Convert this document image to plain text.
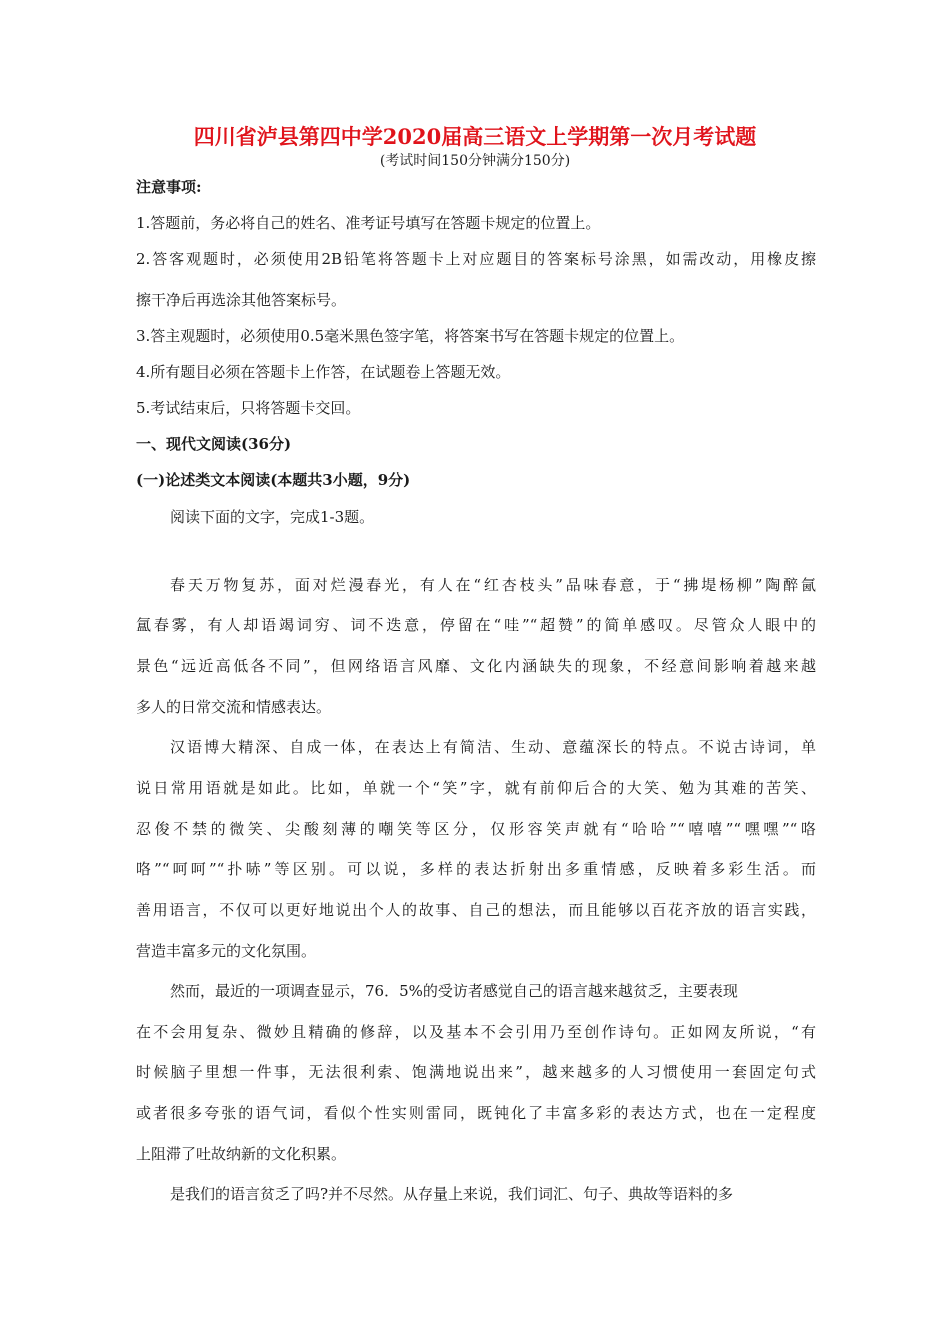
四川省泸县第四中学2020届高三语文上学期第一次月考试题
(考试时间150分钟满分150分)
注意事项:
1.答题前，务必将自己的姓名、准考证号填写在答题卡规定的位置上。
2.答客观题时，必须使用2B铅笔将答题卡上对应题目的答案标号涂黑，如需改动，用橡皮擦
擦干净后再选涂其他答案标号。
3.答主观题时，必须使用0.5毫米黑色签字笔，将答案书写在答题卡规定的位置上。
4.所有题目必须在答题卡上作答，在试题卷上答题无效。
5.考试结束后，只将答题卡交回。
一、现代文阅读(36分)
(一)论述类文本阅读(本题共3小题，9分)
阅读下面的文字，完成1-3题。
春天万物复苏，面对烂漫春光，有人在“红杏枝头”品味春意，于“拂堤杨柳”陶醉氤
氲春雾，有人却语竭词穷、词不迭意，停留在“哇”“超赞”的简单感叹。尽管众人眼中的
景色“远近高低各不同”，但网络语言风靡、文化内涵缺失的现象，不经意间影响着越来越
多人的日常交流和情感表达。
汉语博大精深、自成一体，在表达上有简洁、生动、意蕴深长的特点。不说古诗词，单
说日常用语就是如此。比如，单就一个“笑”字，就有前仰后合的大笑、勉为其难的苦笑、
忍俊不禁的微笑、尖酸刻薄的嘲笑等区分，仅形容笑声就有“哈哈”“嘻嘻”“嘿嘿”“咯
咯”“呵呵”“扑哧”等区别。可以说，多样的表达折射出多重情感，反映着多彩生活。而
善用语言，不仅可以更好地说出个人的故事、自己的想法，而且能够以百花齐放的语言实践，
营造丰富多元的文化氛围。
然而，最近的一项调查显示，76．5%的受访者感觉自己的语言越来越贫乏，主要表现
在不会用复杂、微妙且精确的修辞，以及基本不会引用乃至创作诗句。正如网友所说，“有
时候脑子里想一件事，无法很利索、饱满地说出来”，越来越多的人习惯使用一套固定句式
或者很多夸张的语气词，看似个性实则雷同，既钝化了丰富多彩的表达方式，也在一定程度
上阻滞了吐故纳新的文化积累。
是我们的语言贫乏了吗?并不尽然。从存量上来说，我们词汇、句子、典故等语料的多
